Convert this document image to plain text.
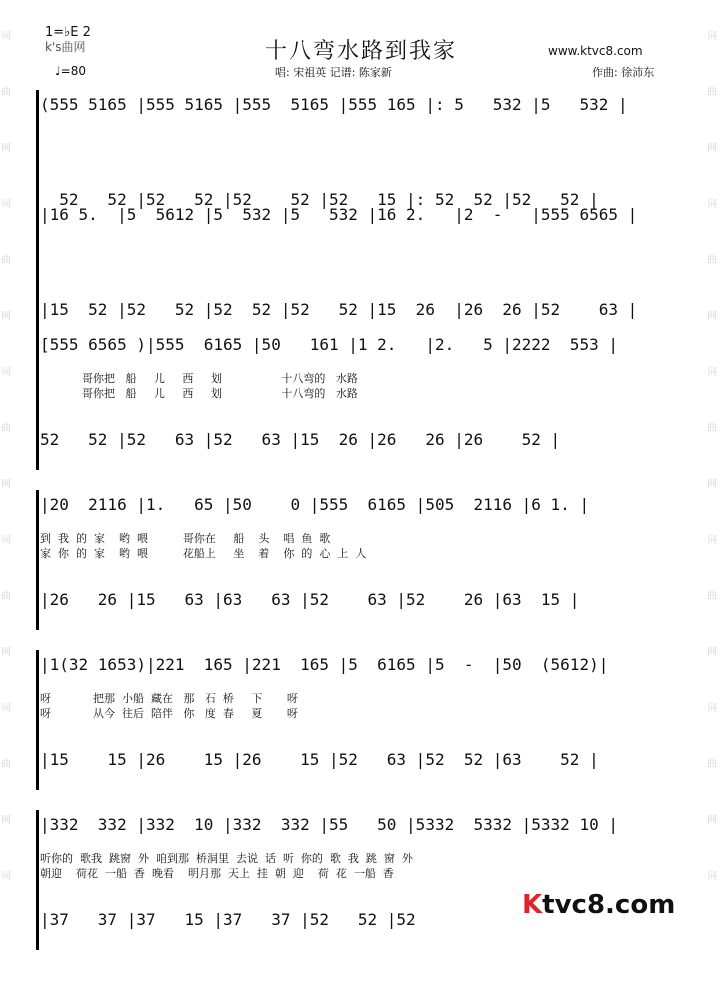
词
曲
网
词
曲
网
词
曲
网
词
曲
网
词
曲
网
词
词
曲
网
词
曲
网
词
曲
网
词
曲
网
词
曲
网
词
1=♭E 2
k's曲网
♩=80
十八弯水路到我家
唱: 宋祖英 记谱: 陈家新
www.ktvc8.com
作曲: 徐沛东
(555 5165 |555 5165 |555  5165 |555 165 |: 5   532 |5   532 |
52   52 |52   52 |52    52 |52   15 |: 52  52 |52   52 |
|16 5.  |5  5612 |5  532 |5   532 |16 2.   |2  -   |555 6565 |
|15  52 |52   52 |52  52 |52   52 |15  26  |26  26 |52    63 |
[555 6565 )|555  6165 |50   161 |1 2.   |2.   5 |2222  553 |
哥你把   船     儿     西     划                 十八弯的   水路
哥你把   船     儿     西     划                 十八弯的   水路
52   52 |52   63 |52   63 |15  26 |26   26 |26    52 |
|20  2116 |1.   65 |50    0 |555  6165 |505  2116 |6 1. |
到  我  的  家    哟  喂          哥你在     船    头    唱  鱼  歌
家  你  的  家    哟  喂          花船上     坐    着    你  的  心  上  人
|26   26 |15   63 |63   63 |52    63 |52    26 |63  15 |
|1(32 1653)|221  165 |221  165 |5  6165 |5  -  |50  (5612)|
呀            把那  小船  藏在   那   石  桥     下       呀
呀            从今  往后  陪伴   你   度  春     夏       呀
|15    15 |26    15 |26    15 |52   63 |52  52 |63    52 |
|332  332 |332  10 |332  332 |55   50 |5332  5332 |5332 10 |
听你的  歌我  跳窗  外  咱到那  桥洞里  去说  话  听  你的  歌  我  跳  窗  外
朝迎    荷花  一船  香  晚看    明月那  天上  挂  朝  迎    荷  花  一船  香
|37   37 |37   15 |37   37 |52   52 |52	Ktvc8.com
